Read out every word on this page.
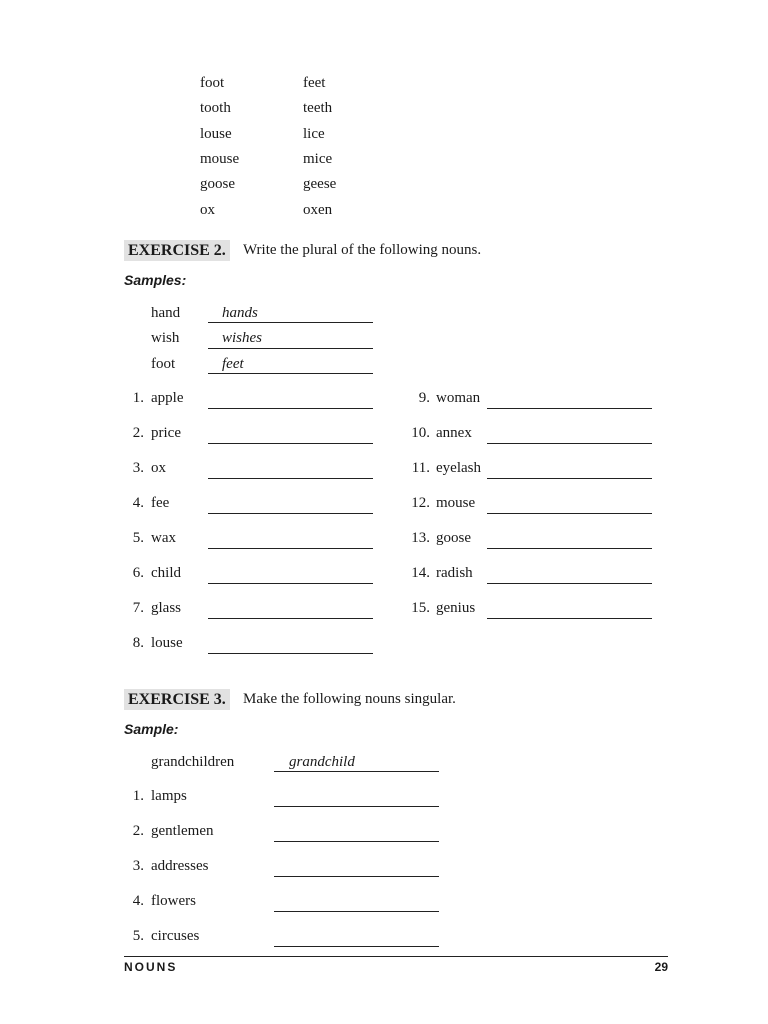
foot	feet
tooth	teeth
louse	lice
mouse	mice
goose	geese
ox	oxen
EXERCISE 2. Write the plural of the following nouns.
Samples:
hand	hands
wish	wishes
foot	feet
1. apple
2. price
3. ox
4. fee
5. wax
6. child
7. glass
8. louse
9. woman
10. annex
11. eyelash
12. mouse
13. goose
14. radish
15. genius
EXERCISE 3. Make the following nouns singular.
Sample:
grandchildren	grandchild
1. lamps
2. gentlemen
3. addresses
4. flowers
5. circuses
NOUNS	29
